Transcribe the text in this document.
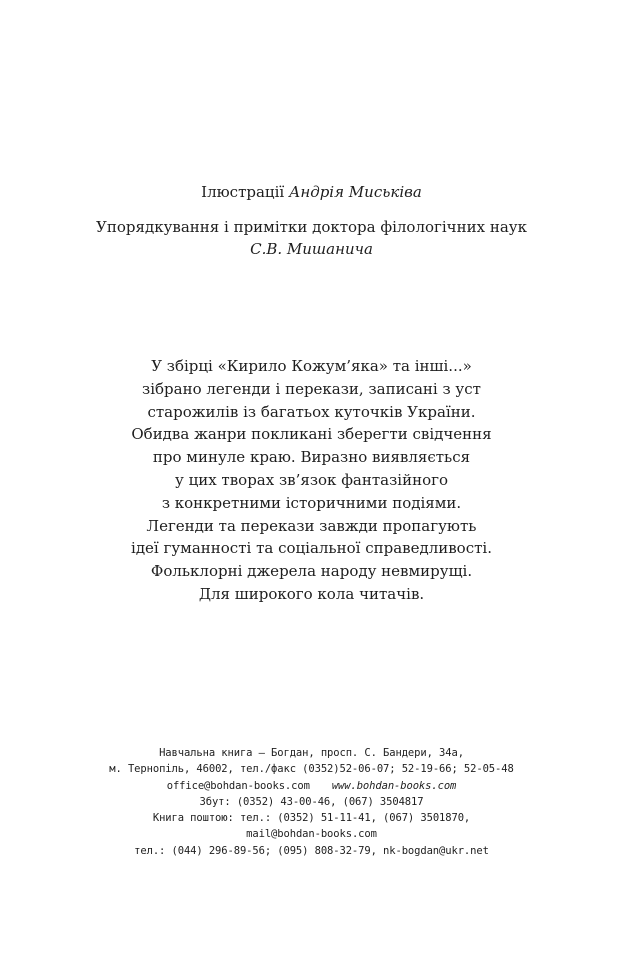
Ілюстрації Андрія Миськіва
Упорядкування і примітки доктора філологічних наук
С.В. Мишанича
У збірці «Кирило Кожум’яка» та інші...»
зібрано легенди і перекази, записані з уст
старожилів із багатьох куточків України.
Обидва жанри покликані зберегти свідчення
про минуле краю. Виразно виявляється
у цих творах зв’язок фантазійного
з конкретними історичними подіями.
Легенди та перекази завжди пропагують
ідеї гуманності та соціальної справедливості.
Фольклорні джерела народу невмирущі.
Для широкого кола читачів.
Навчальна книга — Богдан, просп. С. Бандери, 34а,
м. Тернопіль, 46002, тел./факс (0352)52-06-07; 52-19-66; 52-05-48
office@bohdan-books.com www.bohdan-books.com
Збут: (0352) 43-00-46, (067) 3504817
Книга поштою: тел.: (0352) 51-11-41, (067) 3501870,
mail@bohdan-books.com
тел.: (044) 296-89-56; (095) 808-32-79, nk-bogdan@ukr.net
